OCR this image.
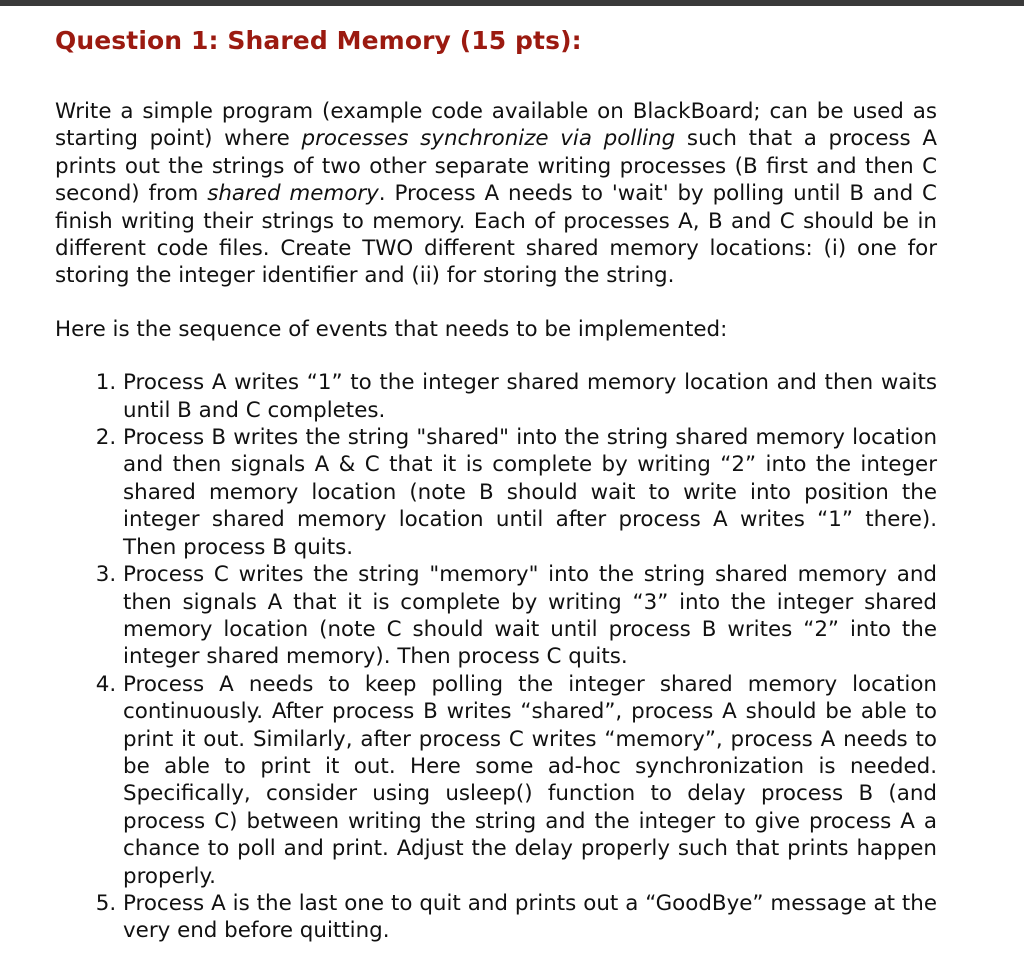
Question 1: Shared Memory (15 pts):

Write a simple program (example code available on BlackBoard; can be used as starting point) where processes synchronize via polling such that a process A prints out the strings of two other separate writing processes (B first and then C second) from shared memory. Process A needs to 'wait' by polling until B and C finish writing their strings to memory. Each of processes A, B and C should be in different code files. Create TWO different shared memory locations: (i) one for storing the integer identifier and (ii) for storing the string.

Here is the sequence of events that needs to be implemented:

1. Process A writes “1” to the integer shared memory location and then waits until B and C completes.
2. Process B writes the string "shared" into the string shared memory location and then signals A & C that it is complete by writing “2” into the integer shared memory location (note B should wait to write into position the integer shared memory location until after process A writes “1” there). Then process B quits.
3. Process C writes the string "memory" into the string shared memory and then signals A that it is complete by writing “3” into the integer shared memory location (note C should wait until process B writes “2” into the integer shared memory). Then process C quits.
4. Process A needs to keep polling the integer shared memory location continuously. After process B writes “shared”, process A should be able to print it out. Similarly, after process C writes “memory”, process A needs to be able to print it out. Here some ad-hoc synchronization is needed. Specifically, consider using usleep() function to delay process B (and process C) between writing the string and the integer to give process A a chance to poll and print. Adjust the delay properly such that prints happen properly.
5. Process A is the last one to quit and prints out a “GoodBye” message at the very end before quitting.
